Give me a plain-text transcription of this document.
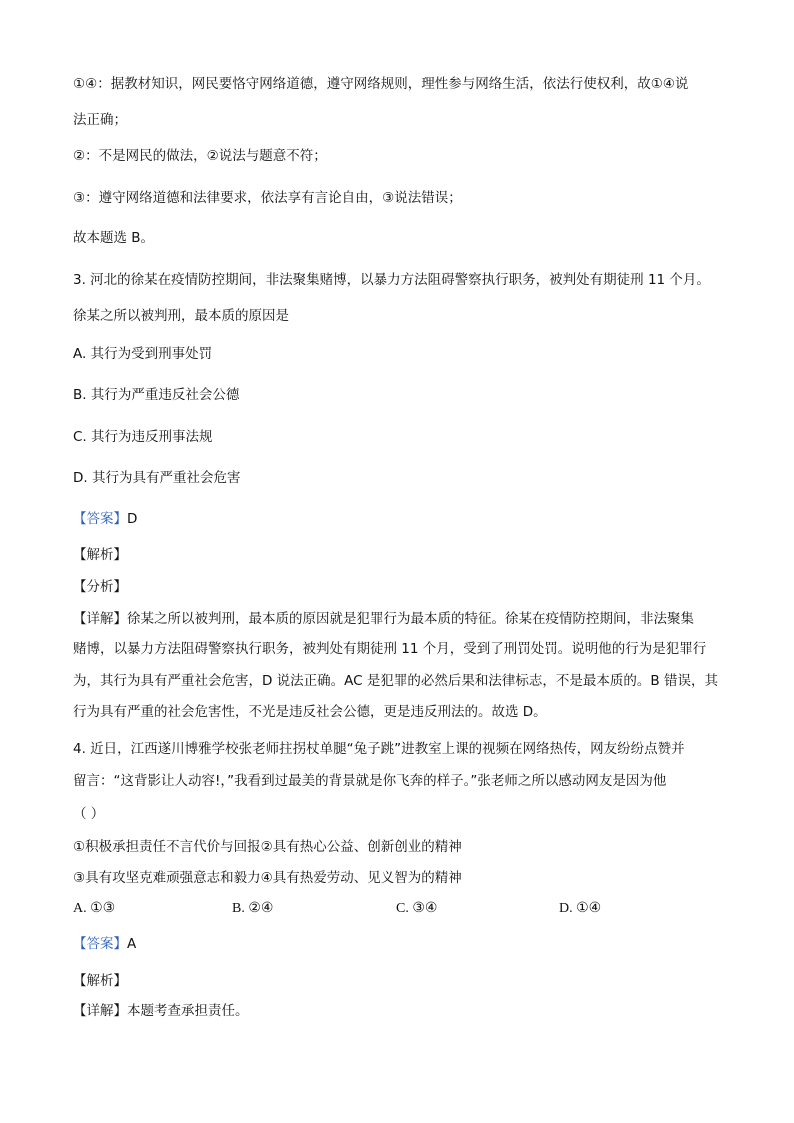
①④：据教材知识，网民要恪守网络道德，遵守网络规则，理性参与网络生活，依法行使权利，故①④说
法正确；
②：不是网民的做法，②说法与题意不符；
③：遵守网络道德和法律要求，依法享有言论自由，③说法错误；
故本题选 B。
3. 河北的徐某在疫情防控期间，非法聚集赌博，以暴力方法阻碍警察执行职务，被判处有期徒刑 11 个月。
徐某之所以被判刑，最本质的原因是
A. 其行为受到刑事处罚
B. 其行为严重违反社会公德
C. 其行为违反刑事法规
D. 其行为具有严重社会危害
【答案】D
【解析】
【分析】
【详解】徐某之所以被判刑，最本质的原因就是犯罪行为最本质的特征。徐某在疫情防控期间，非法聚集
赌博，以暴力方法阻碍警察执行职务，被判处有期徒刑 11 个月，受到了刑罚处罚。说明他的行为是犯罪行
为，其行为具有严重社会危害，D 说法正确。AC 是犯罪的必然后果和法律标志，不是最本质的。B 错误，其
行为具有严重的社会危害性，不光是违反社会公德，更是违反刑法的。故选 D。
4. 近日，江西遂川博雅学校张老师拄拐杖单腿“兔子跳”进教室上课的视频在网络热传，网友纷纷点赞并
留言：“这背影让人动容!，”我看到过最美的背景就是你飞奔的样子。”张老师之所以感动网友是因为他
（ ）
①积极承担责任不言代价与回报②具有热心公益、创新创业的精神
③具有攻坚克难顽强意志和毅力④具有热爱劳动、见义智为的精神
A. ①③	B. ②④	C. ③④	D. ①④
【答案】A
【解析】
【详解】本题考查承担责任。
